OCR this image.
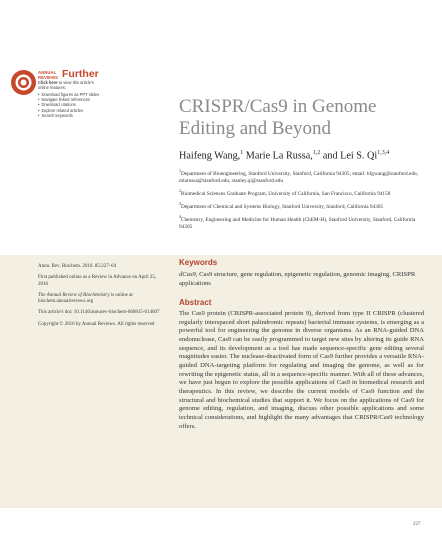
ANNUAL REVIEWS Further
Click here to view this article's online features:
• Download figures as PPT slides
• Navigate linked references
• Download citations
• Explore related articles
• Search keywords	CRISPR/Cas9 in Genome Editing and Beyond
Haifeng Wang,$^1$ Marie La Russa,$^{1,2}$ and Lei S. Qi$^{1,3,4}$

$^1$Department of Bioengineering, Stanford University, Stanford, California 94305; email: hfgwang@stanford.edu, mlarussa@stanford.edu, stanley.qi@stanford.edu

$^2$Biomedical Sciences Graduate Program, University of California, San Francisco, California 94158

$^3$Department of Chemical and Systems Biology, Stanford University, Stanford, California 94305

$^4$Chemistry, Engineering and Medicine for Human Health (ChEM-H), Stanford University, Stanford, California 94305

Annu. Rev. Biochem. 2016. 85:227–64

First published online as a Review in Advance on April 25, 2016

The Annual Review of Biochemistry is online at biochem.annualreviews.org

This article's doi: 10.1146/annurev-biochem-060815-014607

Copyright © 2016 by Annual Reviews. All rights reserved

Keywords
dCas9, Cas9 structure, gene regulation, epigenetic regulation, genomic imaging, CRISPR applications
Abstract

The Cas9 protein (CRISPR-associated protein 9), derived from type II CRISPR (clustered regularly interspaced short palindromic repeats) bacterial immune systems, is emerging as a powerful tool for engineering the genome in diverse organisms. As an RNA-guided DNA endonuclease, Cas9 can be easily programmed to target new sites by altering its guide RNA sequence, and its development as a tool has made sequence-specific gene editing several magnitudes easier. The nuclease-deactivated form of Cas9 further provides a versatile RNA-guided DNA-targeting platform for regulating and imaging the genome, as well as for rewriting the epigenetic status, all in a sequence-specific manner. With all of these advances, we have just begun to explore the possible applications of Cas9 in biomedical research and therapeutics. In this review, we describe the current models of Cas9 function and the structural and biochemical studies that support it. We focus on the applications of Cas9 for genome editing, regulation, and imaging, discuss other possible applications and some technical considerations, and highlight the many advantages that CRISPR/Cas9 technology offers.

227
